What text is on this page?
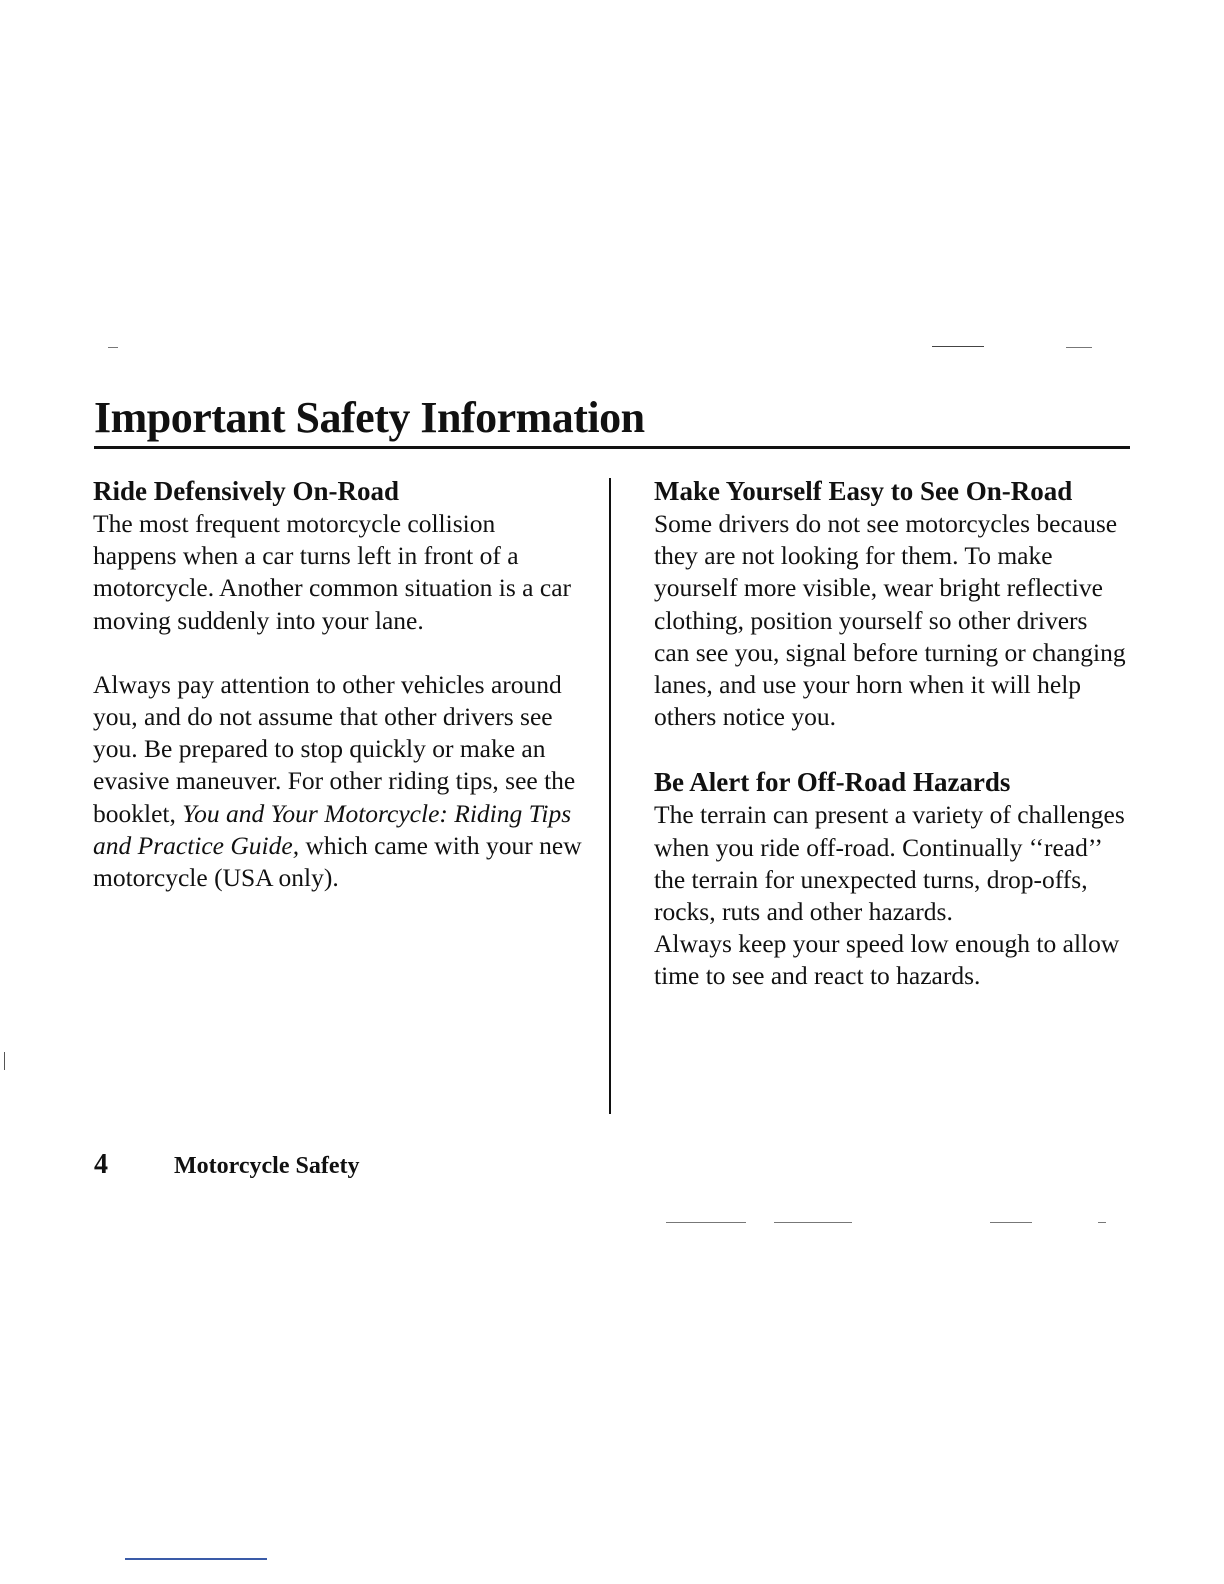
Important Safety Information
Ride Defensively On-Road

The most frequent motorcycle collision happens when a car turns left in front of a motorcycle. Another common situation is a car moving suddenly into your lane.

Always pay attention to other vehicles around you, and do not assume that other drivers see you. Be prepared to stop quickly or make an evasive maneuver. For other riding tips, see the booklet, You and Your Motorcycle: Riding Tips and Practice Guide, which came with your new motorcycle (USA only).

Make Yourself Easy to See On-Road

Some drivers do not see motorcycles because they are not looking for them. To make yourself more visible, wear bright reflective clothing, position yourself so other drivers can see you, signal before turning or changing lanes, and use your horn when it will help others notice you.

Be Alert for Off-Road Hazards

The terrain can present a variety of challenges when you ride off-road. Continually ‘‘read’’ the terrain for unexpected turns, drop-offs, rocks, ruts and other hazards.

Always keep your speed low enough to allow time to see and react to hazards.

4	Motorcycle Safety
